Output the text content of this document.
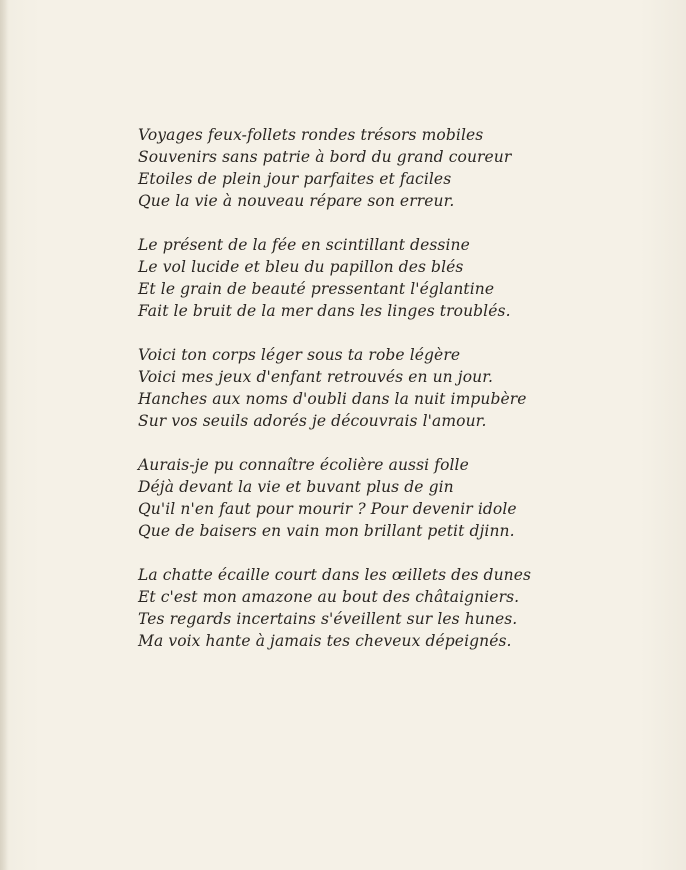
Voyages feux-follets rondes trésors mobiles
Souvenirs sans patrie à bord du grand coureur
Etoiles de plein jour parfaites et faciles
Que la vie à nouveau répare son erreur.
Le présent de la fée en scintillant dessine
Le vol lucide et bleu du papillon des blés
Et le grain de beauté pressentant l'églantine
Fait le bruit de la mer dans les linges troublés.
Voici ton corps léger sous ta robe légère
Voici mes jeux d'enfant retrouvés en un jour.
Hanches aux noms d'oubli dans la nuit impubère
Sur vos seuils adorés je découvrais l'amour.
Aurais-je pu connaître écolière aussi folle
Déjà devant la vie et buvant plus de gin
Qu'il n'en faut pour mourir ? Pour devenir idole
Que de baisers en vain mon brillant petit djinn.
La chatte écaille court dans les œillets des dunes
Et c'est mon amazone au bout des châtaigniers.
Tes regards incertains s'éveillent sur les hunes.
Ma voix hante à jamais tes cheveux dépeignés.
